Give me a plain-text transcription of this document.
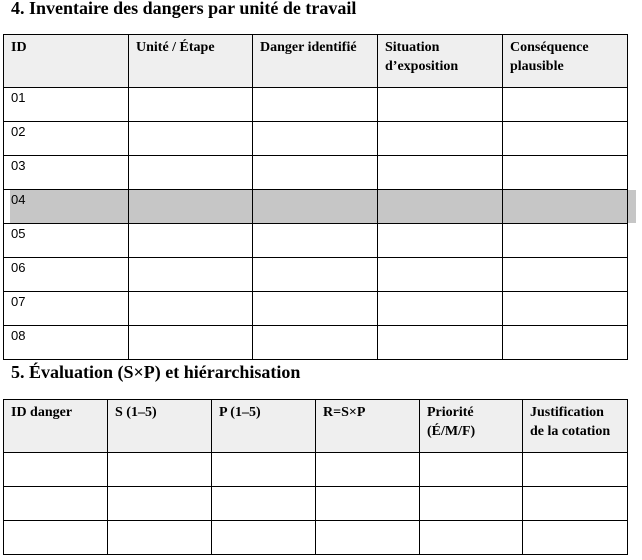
4. Inventaire des dangers par unité de travail
ID	Unité / Étape	Danger identifié	Situation d’exposition	Conséquence plausible
01				
02				
03				
04				
05				
06				
07				
08				
5. Évaluation (S×P) et hiérarchisation
ID danger	S (1–5)	P (1–5)	R=S×P	Priorité (É/M/F)	Justification de la cotation
